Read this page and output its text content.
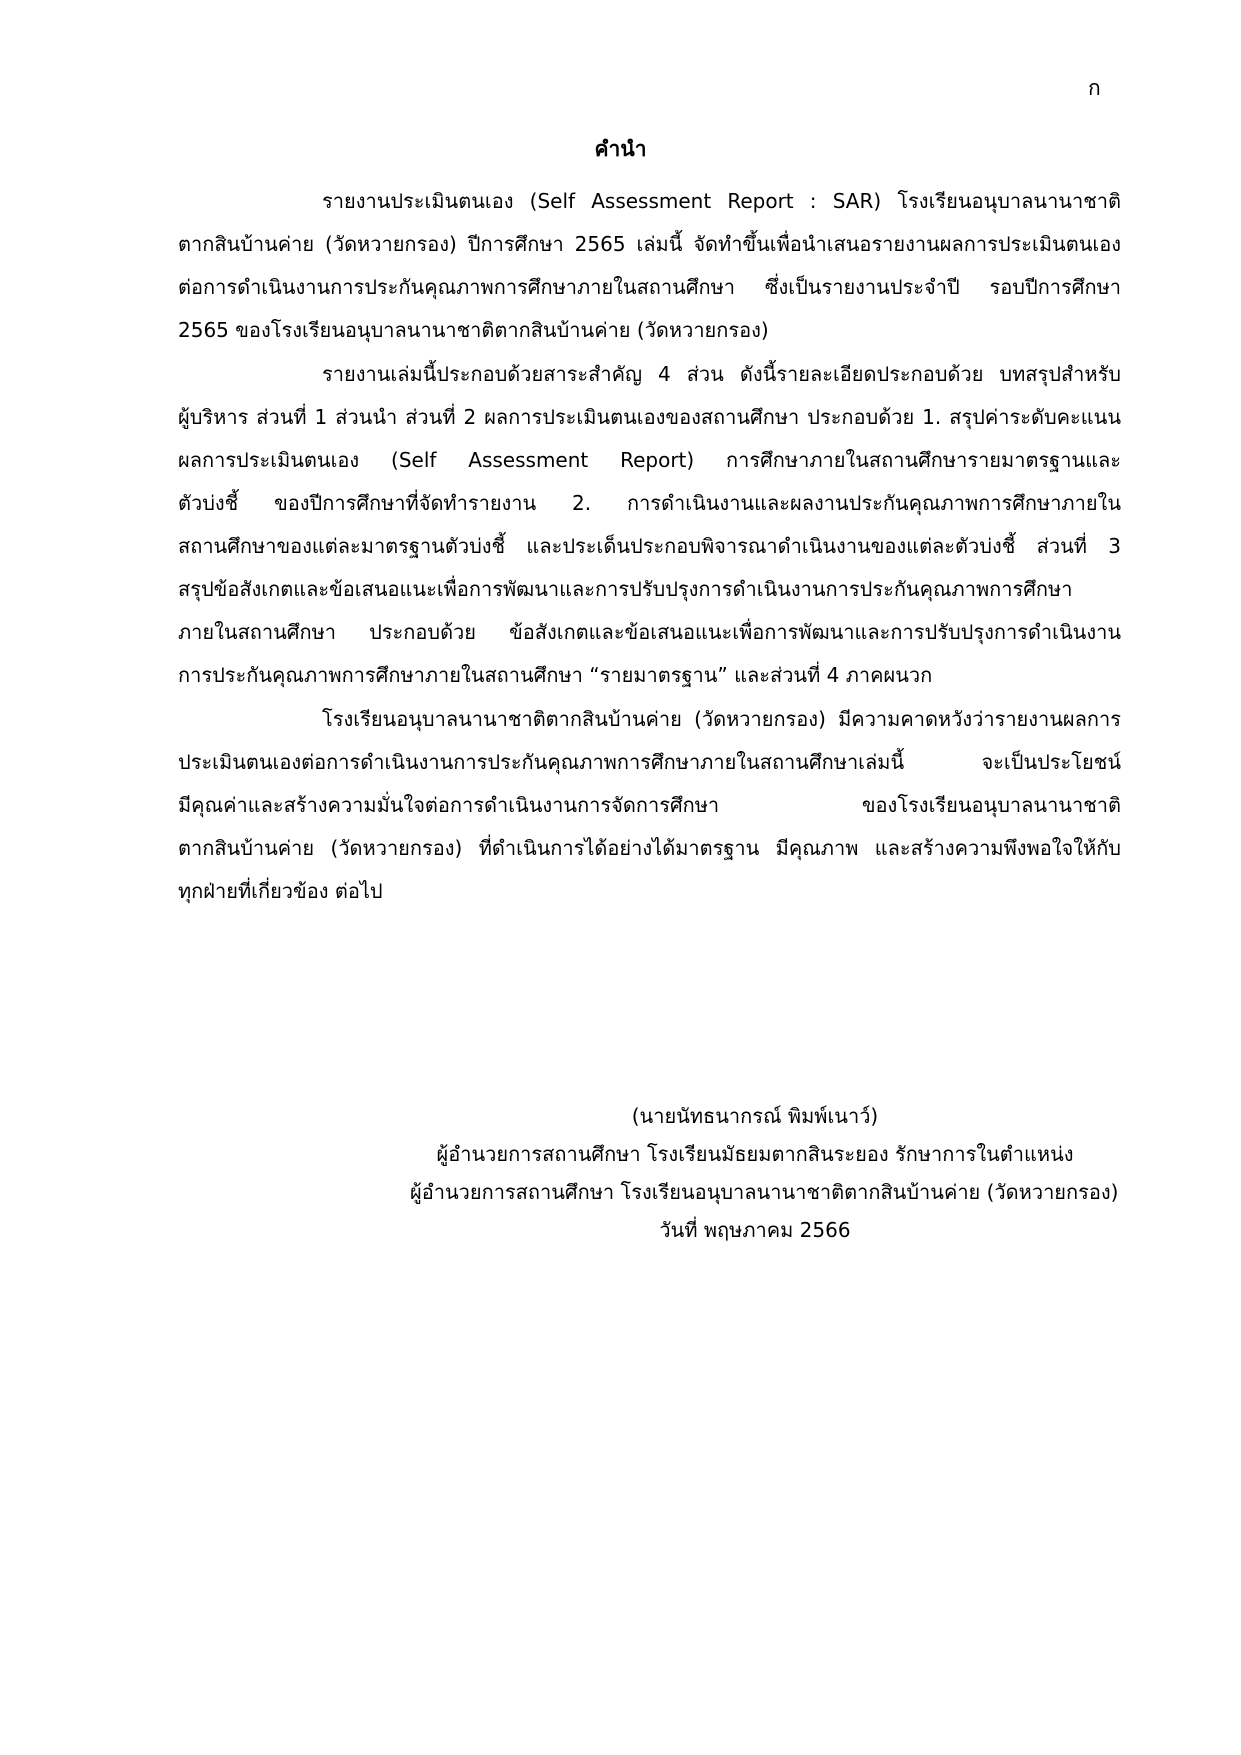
ก
คำนำ
รายงานประเมินตนเอง (Self Assessment Report : SAR) โรงเรียนอนุบาลนานาชาติ
ตากสินบ้านค่าย (วัดหวายกรอง) ปีการศึกษา 2565 เล่มนี้ จัดทำขึ้นเพื่อนำเสนอรายงานผลการประเมินตนเอง
ต่อการดำเนินงานการประกันคุณภาพการศึกษาภายในสถานศึกษา ซึ่งเป็นรายงานประจำปี รอบปีการศึกษา
2565 ของโรงเรียนอนุบาลนานาชาติตากสินบ้านค่าย (วัดหวายกรอง)
รายงานเล่มนี้ประกอบด้วยสาระสำคัญ 4 ส่วน ดังนี้รายละเอียดประกอบด้วย บทสรุปสำหรับ
ผู้บริหาร ส่วนที่ 1 ส่วนนำ ส่วนที่ 2 ผลการประเมินตนเองของสถานศึกษา ประกอบด้วย 1. สรุปค่าระดับคะแนน
ผลการประเมินตนเอง (Self Assessment Report) การศึกษาภายในสถานศึกษารายมาตรฐานและ
ตัวบ่งชี้ ของปีการศึกษาที่จัดทำรายงาน 2. การดำเนินงานและผลงานประกันคุณภาพการศึกษาภายใน
สถานศึกษาของแต่ละมาตรฐานตัวบ่งชี้ และประเด็นประกอบพิจารณาดำเนินงานของแต่ละตัวบ่งชี้ ส่วนที่ 3
สรุปข้อสังเกตและข้อเสนอแนะเพื่อการพัฒนาและการปรับปรุงการดำเนินงานการประกันคุณภาพการศึกษา
ภายในสถานศึกษา ประกอบด้วย ข้อสังเกตและข้อเสนอแนะเพื่อการพัฒนาและการปรับปรุงการดำเนินงาน
การประกันคุณภาพการศึกษาภายในสถานศึกษา “รายมาตรฐาน” และส่วนที่ 4 ภาคผนวก
โรงเรียนอนุบาลนานาชาติตากสินบ้านค่าย (วัดหวายกรอง) มีความคาดหวังว่ารายงานผลการ
ประเมินตนเองต่อการดำเนินงานการประกันคุณภาพการศึกษาภายในสถานศึกษาเล่มนี้ จะเป็นประโยชน์
มีคุณค่าและสร้างความมั่นใจต่อการดำเนินงานการจัดการศึกษา ของโรงเรียนอนุบาลนานาชาติ
ตากสินบ้านค่าย (วัดหวายกรอง) ที่ดำเนินการได้อย่างได้มาตรฐาน มีคุณภาพ และสร้างความพึงพอใจให้กับ
ทุกฝ่ายที่เกี่ยวข้อง ต่อไป
(นายนัทธนากรณ์ พิมพ์เนาว์)
ผู้อำนวยการสถานศึกษา โรงเรียนมัธยมตากสินระยอง รักษาการในตำแหน่ง
ผู้อำนวยการสถานศึกษา โรงเรียนอนุบาลนานาชาติตากสินบ้านค่าย (วัดหวายกรอง)
วันที่ พฤษภาคม 2566
